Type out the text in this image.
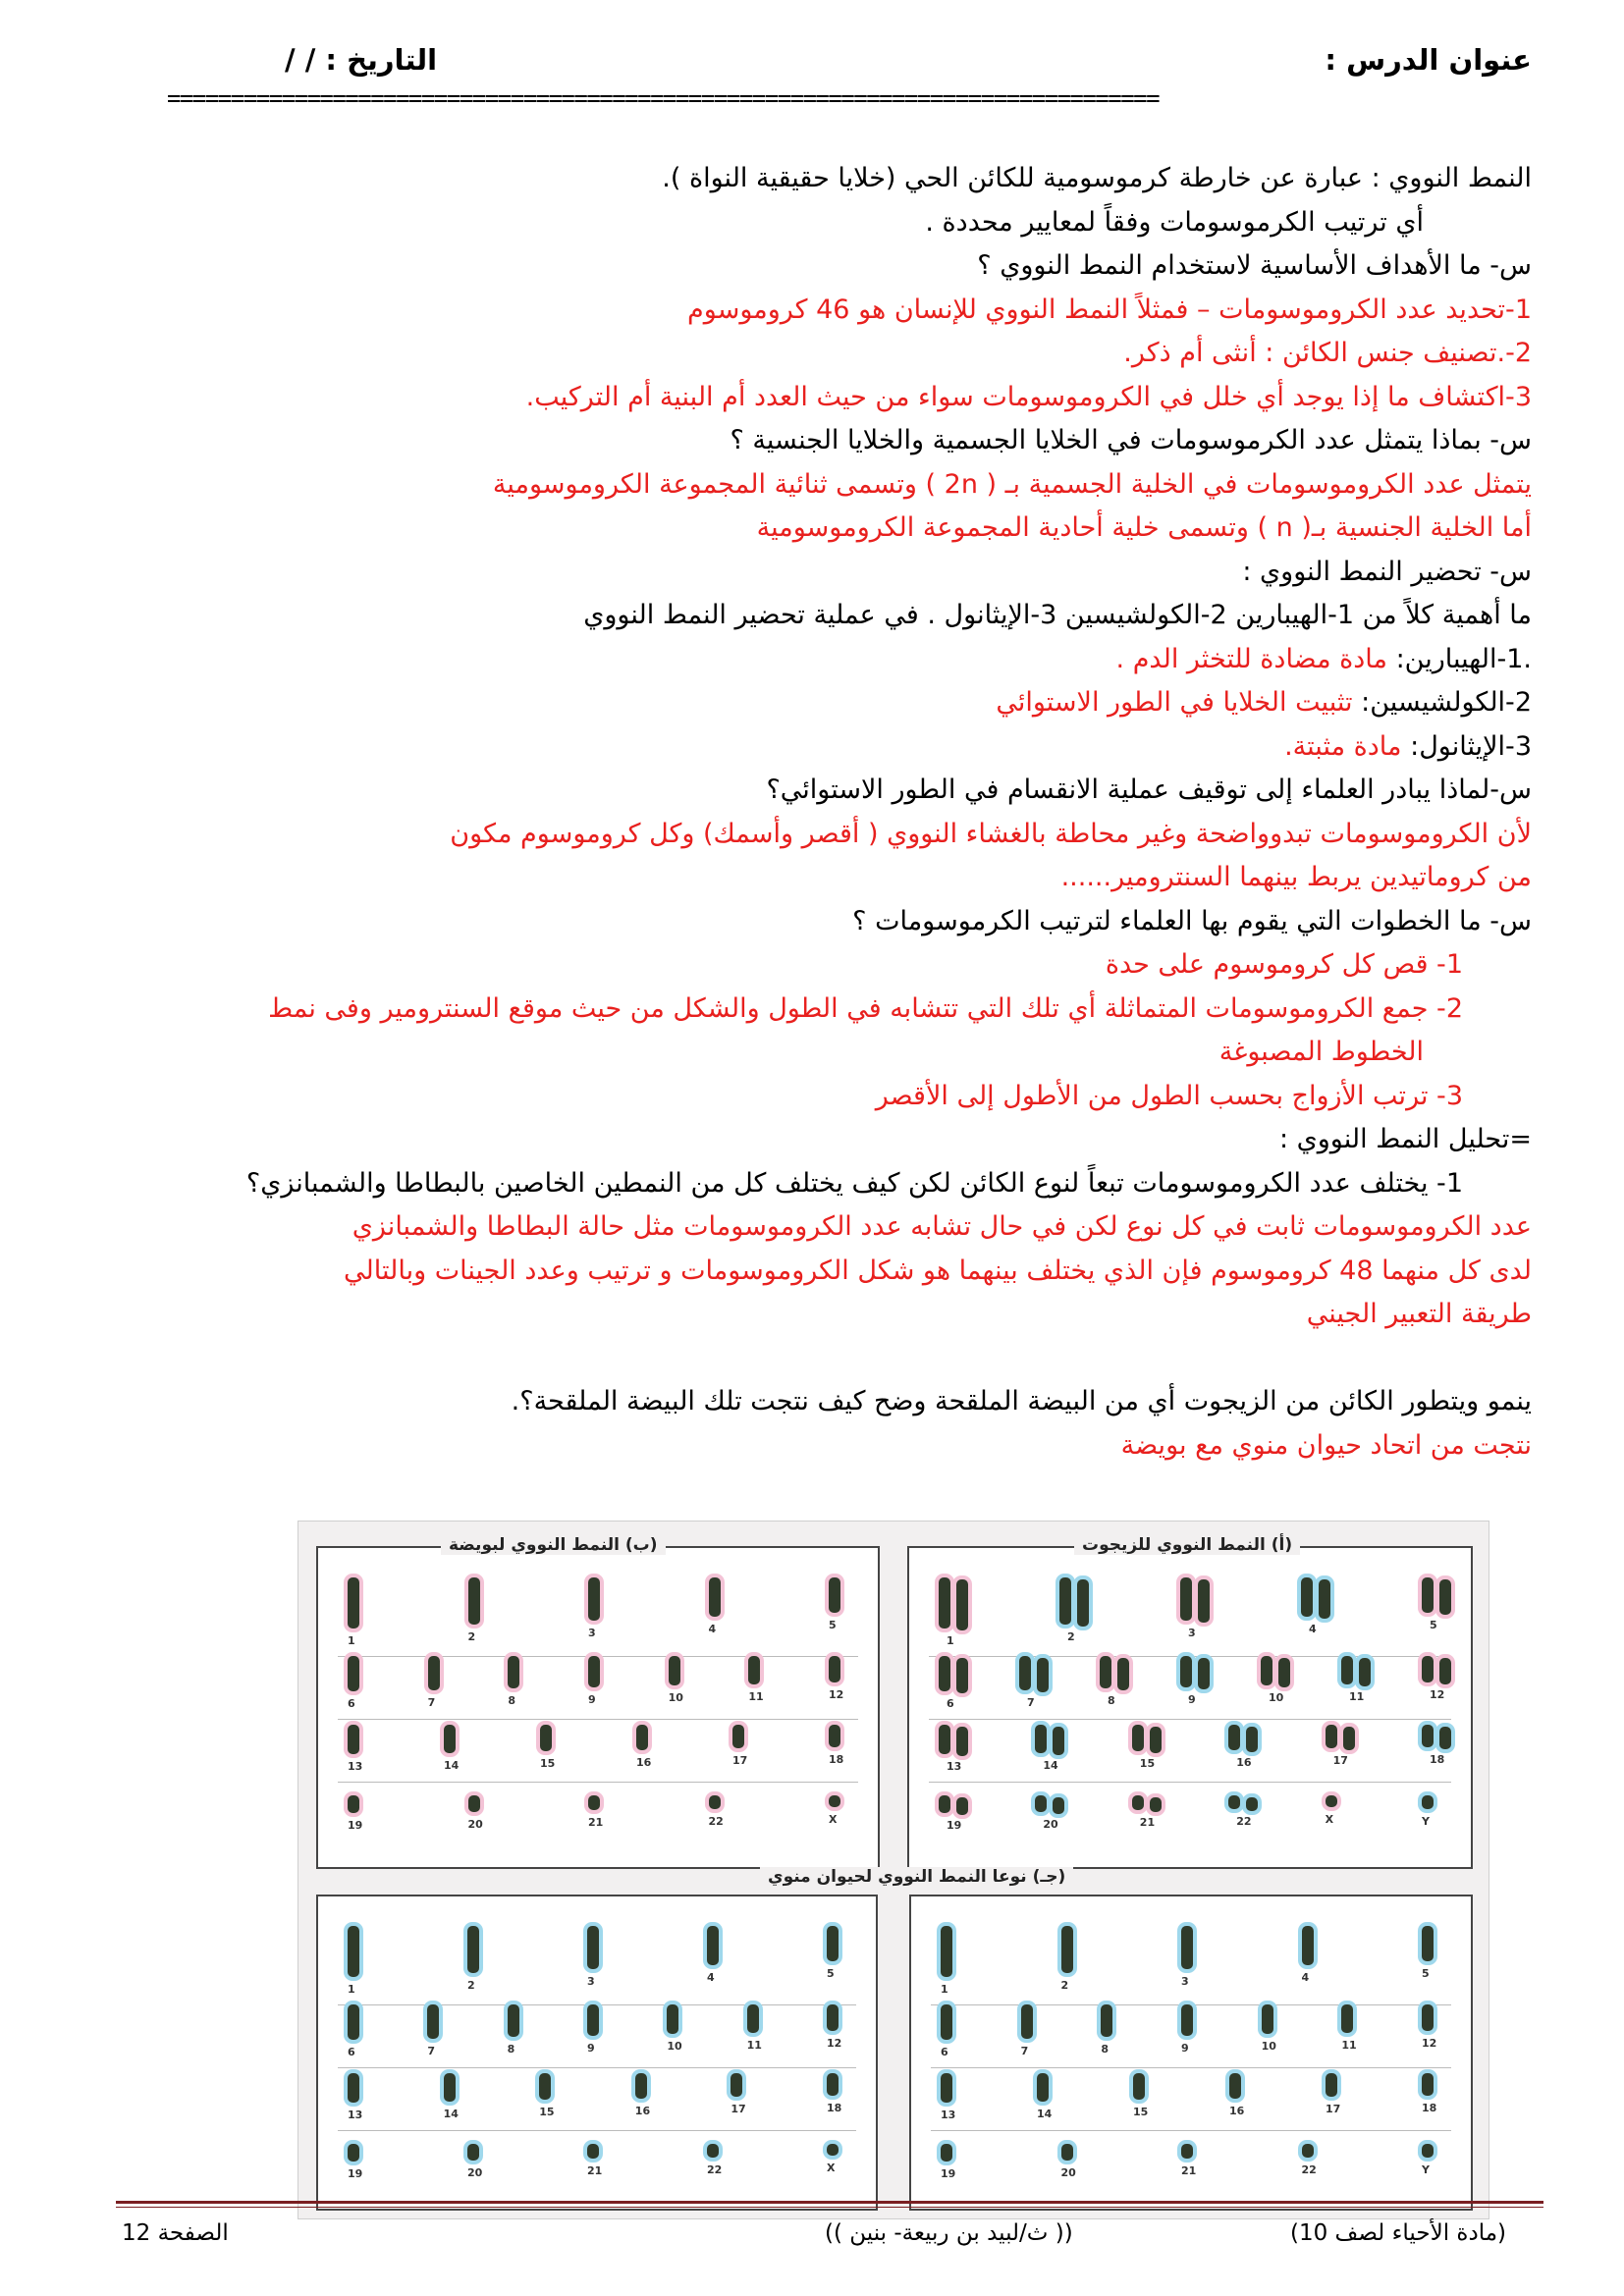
عنوان الدرس :
التاريخ : / /
==============================================================================
النمط النووي : عبارة عن خارطة كرموسومية للكائن الحي (خلايا حقيقية النواة ).
أي ترتيب الكرموسومات وفقاً لمعايير محددة .
س- ما الأهداف الأساسية لاستخدام النمط النووي ؟
1-تحديد عدد الكروموسومات – فمثلاً النمط النووي للإنسان هو 46 كروموسوم
2-.تصنيف جنس الكائن : أنثى أم ذكر.
3-اكتشاف ما إذا يوجد أي خلل في الكروموسومات سواء من حيث العدد أم البنية أم التركيب.
س- بماذا يتمثل عدد الكرموسومات في الخلايا الجسمية والخلايا الجنسية ؟
يتمثل عدد الكروموسومات في الخلية الجسمية بـ ( 2n ) وتسمى ثنائية المجموعة الكروموسومية
أما الخلية الجنسية بـ( n ) وتسمى خلية أحادية المجموعة الكروموسومية
س- تحضير النمط النووي :
ما أهمية كلاً من 1-الهيبارين 2-الكولشيسين 3-الإيثانول . في عملية تحضير النمط النووي
.1-الهيبارين: مادة مضادة للتخثر الدم .
2-الكولشيسين: تثبيت الخلايا في الطور الاستوائي
3-الإيثانول: مادة مثبتة.
س-لماذا يبادر العلماء إلى توقيف عملية الانقسام في الطور الاستوائي؟
لأن الكروموسومات تبدوواضحة وغير محاطة بالغشاء النووي ( أقصر وأسمك) وكل كروموسوم مكون
من كروماتيدين يربط بينهما السنترومير......
س- ما الخطوات التي يقوم بها العلماء لترتيب الكرموسومات ؟
1- قص كل كروموسوم على حدة
2- جمع الكروموسومات المتماثلة أي تلك التي تتشابه في الطول والشكل من حيث موقع السنترومير وفى نمط
الخطوط المصبوغة
3- ترتب الأزواج بحسب الطول من الأطول إلى الأقصر
=تحليل النمط النووي :
1- يختلف عدد الكروموسومات تبعاً لنوع الكائن لكن كيف يختلف كل من النمطين الخاصين بالبطاطا والشمبانزي؟
عدد الكروموسومات ثابت في كل نوع لكن في حال تشابه عدد الكروموسومات مثل حالة البطاطا والشمبانزي
لدى كل منهما 48 كروموسوم فإن الذي يختلف بينهما هو شكل الكروموسومات و ترتيب وعدد الجينات وبالتالي
طريقة التعبير الجيني
ينمو ويتطور الكائن من الزيجوت أي من البيضة الملقحة وضح كيف نتجت تلك البيضة الملقحة؟.
نتجت من اتحاد حيوان منوي مع بويضة
1	2	3	4	5
6	7	8	9	10	11	12
13	14	15	16	17	18
19	20	21	22	X
(ب) النمط النووي لبويضة
1	2	3	4	5
6	7	8	9	10	11	12
13	14	15	16	17	18
19	20	21	22	X	Y
(أ) النمط النووي للزيجوت
(جـ) نوعا النمط النووي لحيوان منوي
1	2	3	4	5
6	7	8	9	10	11	12
13	14	15	16	17	18
19	20	21	22	X
1	2	3	4	5
6	7	8	9	10	11	12
13	14	15	16	17	18
19	20	21	22	Y
(مادة الأحياء لصف 10)
(( ث/لبيد بن ربيعة- بنين ))
الصفحة 12
